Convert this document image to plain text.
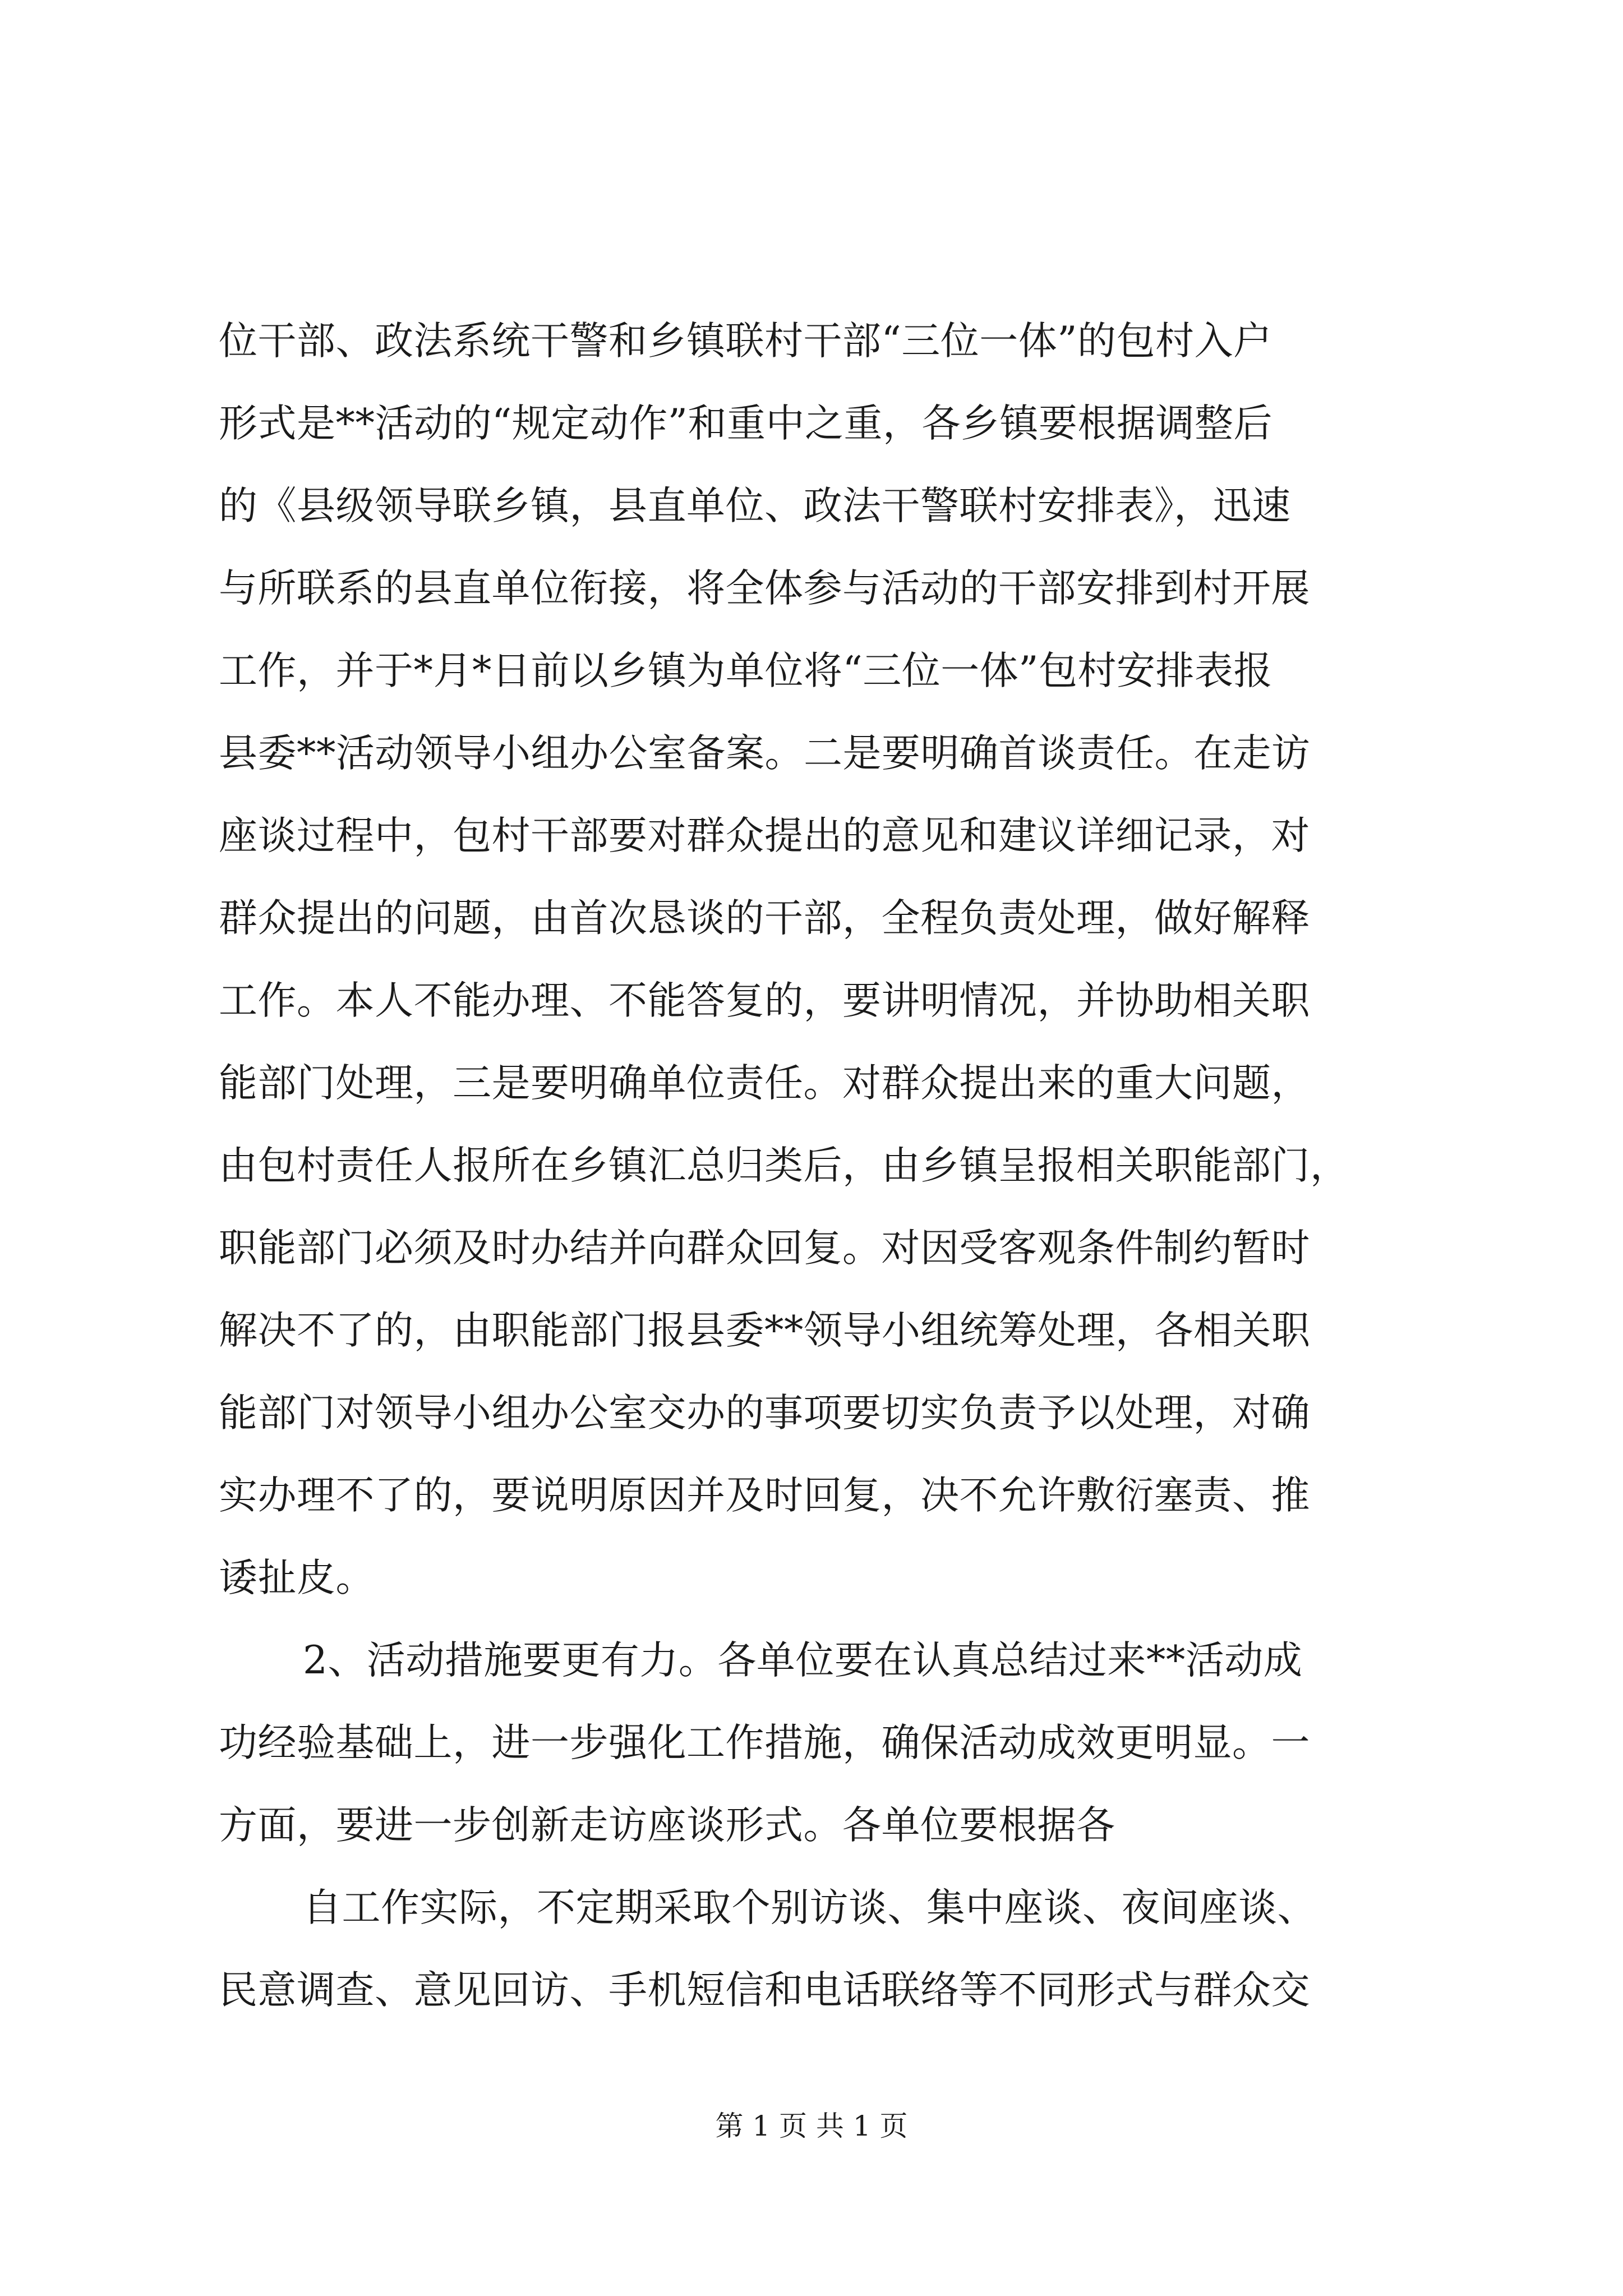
位干部、政法系统干警和乡镇联村干部“三位一体”的包村入户
形式是**活动的“规定动作”和重中之重，各乡镇要根据调整后
的《县级领导联乡镇，县直单位、政法干警联村安排表》，迅速
与所联系的县直单位衔接，将全体参与活动的干部安排到村开展
工作，并于*月*日前以乡镇为单位将“三位一体”包村安排表报
县委**活动领导小组办公室备案。二是要明确首谈责任。在走访
座谈过程中，包村干部要对群众提出的意见和建议详细记录，对
群众提出的问题，由首次恳谈的干部，全程负责处理，做好解释
工作。本人不能办理、不能答复的，要讲明情况，并协助相关职
能部门处理，三是要明确单位责任。对群众提出来的重大问题，
由包村责任人报所在乡镇汇总归类后，由乡镇呈报相关职能部门，
职能部门必须及时办结并向群众回复。对因受客观条件制约暂时
解决不了的，由职能部门报县委**领导小组统筹处理，各相关职
能部门对领导小组办公室交办的事项要切实负责予以处理，对确
实办理不了的，要说明原因并及时回复，决不允许敷衍塞责、推
诿扯皮。
2、活动措施要更有力。各单位要在认真总结过来**活动成
功经验基础上，进一步强化工作措施，确保活动成效更明显。一
方面，要进一步创新走访座谈形式。各单位要根据各
自工作实际，不定期采取个别访谈、集中座谈、夜间座谈、
民意调查、意见回访、手机短信和电话联络等不同形式与群众交
第 1 页 共 1 页
